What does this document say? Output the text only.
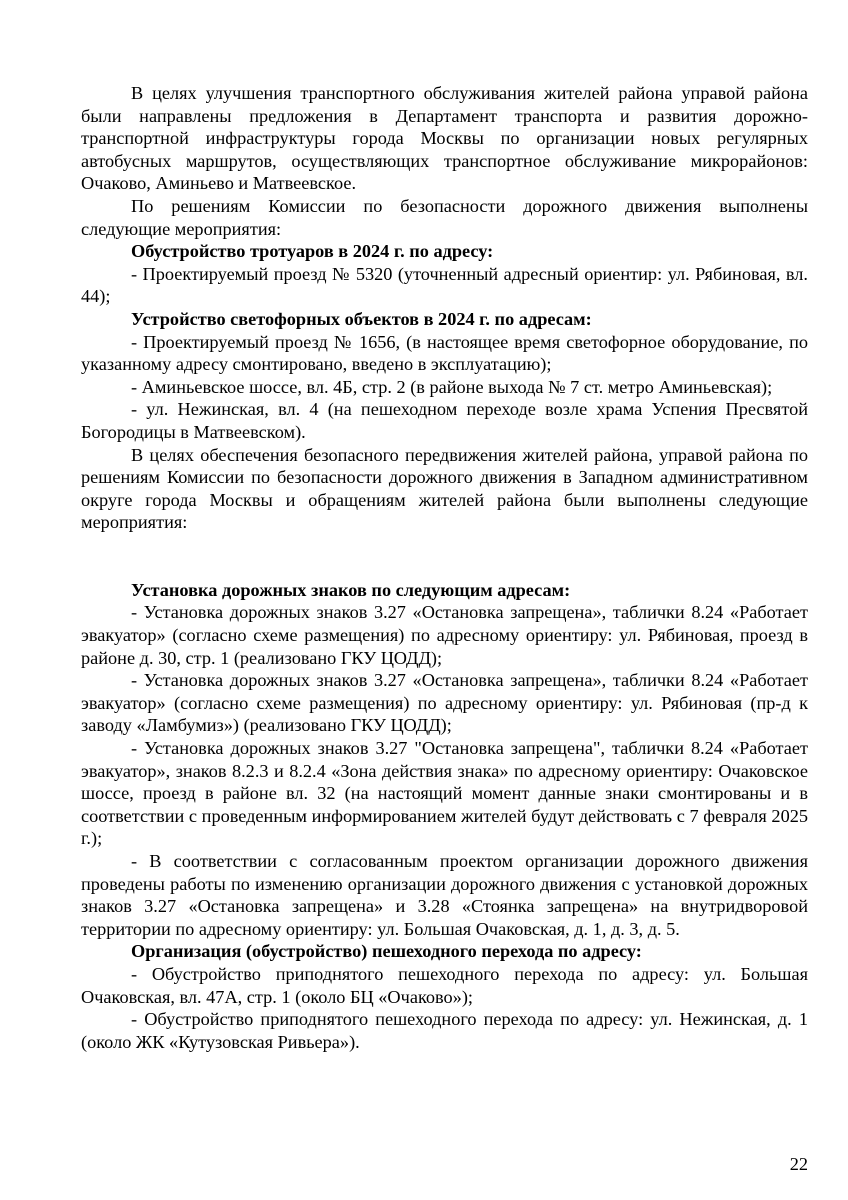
В целях улучшения транспортного обслуживания жителей района управой района были направлены предложения в Департамент транспорта и развития дорожно-транспортной инфраструктуры города Москвы по организации новых регулярных автобусных маршрутов, осуществляющих транспортное обслуживание микрорайонов: Очаково, Аминьево и Матвеевское.

По решениям Комиссии по безопасности дорожного движения выполнены следующие мероприятия:

Обустройство тротуаров в 2024 г. по адресу:

- Проектируемый проезд № 5320 (уточненный адресный ориентир: ул. Рябиновая, вл. 44);

Устройство светофорных объектов в 2024 г. по адресам:

- Проектируемый проезд № 1656, (в настоящее время светофорное оборудование, по указанному адресу смонтировано, введено в эксплуатацию);

- Аминьевское шоссе, вл. 4Б, стр. 2 (в районе выхода № 7 ст. метро Аминьевская);

- ул. Нежинская, вл. 4 (на пешеходном переходе возле храма Успения Пресвятой Богородицы в Матвеевском).

В целях обеспечения безопасного передвижения жителей района, управой района по решениям Комиссии по безопасности дорожного движения в Западном административном округе города Москвы и обращениям жителей района были выполнены следующие мероприятия:

Установка дорожных знаков по следующим адресам:

- Установка дорожных знаков 3.27 «Остановка запрещена», таблички 8.24 «Работает эвакуатор» (согласно схеме размещения) по адресному ориентиру: ул. Рябиновая, проезд в районе д. 30, стр. 1 (реализовано ГКУ ЦОДД);

- Установка дорожных знаков 3.27 «Остановка запрещена», таблички 8.24 «Работает эвакуатор» (согласно схеме размещения) по адресному ориентиру: ул. Рябиновая (пр-д к заводу «Ламбумиз») (реализовано ГКУ ЦОДД);

- Установка дорожных знаков 3.27 "Остановка запрещена", таблички 8.24 «Работает эвакуатор», знаков 8.2.3 и 8.2.4 «Зона действия знака» по адресному ориентиру: Очаковское шоссе, проезд в районе вл. 32 (на настоящий момент данные знаки смонтированы и в соответствии с проведенным информированием жителей будут действовать с 7 февраля 2025 г.);

- В соответствии с согласованным проектом организации дорожного движения проведены работы по изменению организации дорожного движения с установкой дорожных знаков 3.27 «Остановка запрещена» и 3.28 «Стоянка запрещена» на внутридворовой территории по адресному ориентиру: ул. Большая Очаковская, д. 1, д. 3, д. 5.

Организация (обустройство) пешеходного перехода по адресу:

- Обустройство приподнятого пешеходного перехода по адресу: ул. Большая Очаковская, вл. 47А, стр. 1 (около БЦ «Очаково»);

- Обустройство приподнятого пешеходного перехода по адресу: ул. Нежинская, д. 1 (около ЖК «Кутузовская Ривьера»).

22
